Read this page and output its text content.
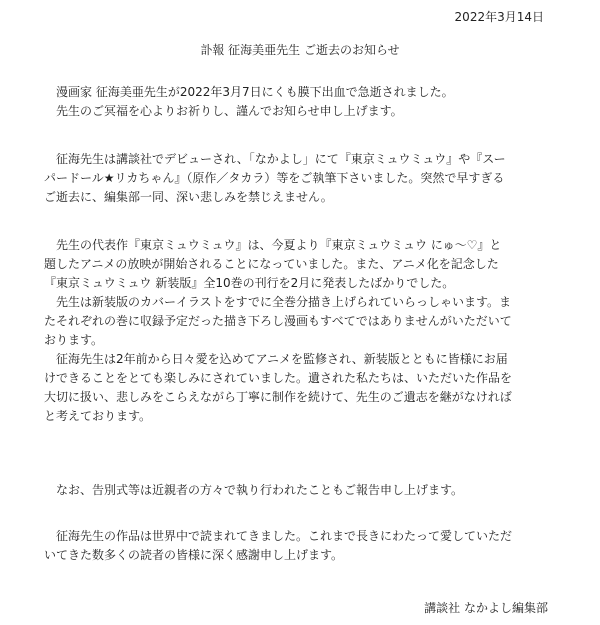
2022年3月14日
訃報 征海美亜先生 ご逝去のお知らせ
　漫画家 征海美亜先生が2022年3月7日にくも膜下出血で急逝されました。
　先生のご冥福を心よりお祈りし、謹んでお知らせ申し上げます。
　征海先生は講談社でデビューされ、「なかよし」にて『東京ミュウミュウ』や『スー
パードール★リカちゃん』（原作／タカラ）等をご執筆下さいました。突然で早すぎる
ご逝去に、編集部一同、深い悲しみを禁じえません。
　先生の代表作『東京ミュウミュウ』は、今夏より『東京ミュウミュウ にゅ～♡』と
題したアニメの放映が開始されることになっていました。また、アニメ化を記念した
『東京ミュウミュウ 新装版』全10巻の刊行を2月に発表したばかりでした。
　先生は新装版のカバーイラストをすでに全巻分描き上げられていらっしゃいます。ま
たそれぞれの巻に収録予定だった描き下ろし漫画もすべてではありませんがいただいて
おります。
　征海先生は2年前から日々愛を込めてアニメを監修され、新装版とともに皆様にお届
けできることをとても楽しみにされていました。遺された私たちは、いただいた作品を
大切に扱い、悲しみをこらえながら丁寧に制作を続けて、先生のご遺志を継がなければ
と考えております。
　なお、告別式等は近親者の方々で執り行われたこともご報告申し上げます。
　征海先生の作品は世界中で読まれてきました。これまで長きにわたって愛していただ
いてきた数多くの読者の皆様に深く感謝申し上げます。
講談社 なかよし編集部
